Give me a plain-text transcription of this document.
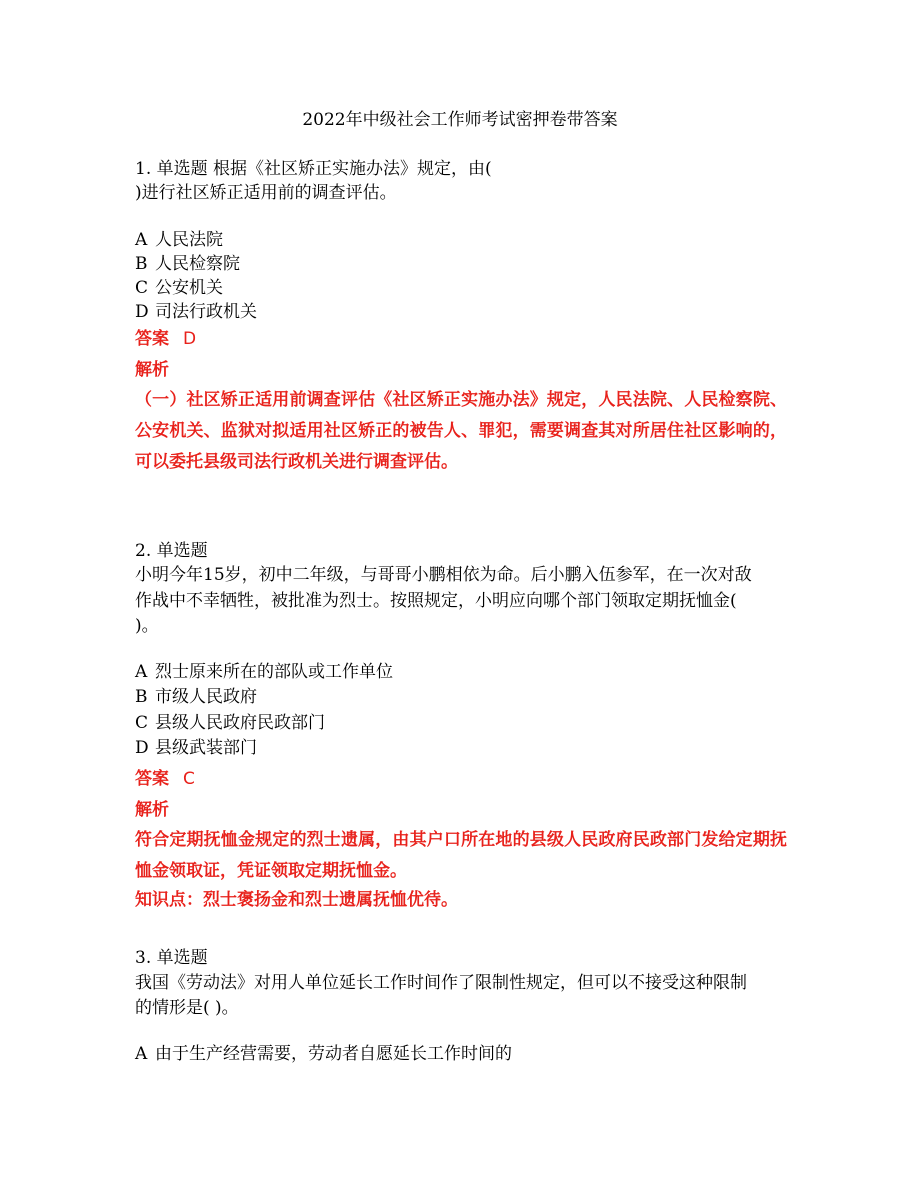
2022年中级社会工作师考试密押卷带答案
1. 单选题 根据《社区矫正实施办法》规定，由(
)进行社区矫正适用前的调查评估。
A 人民法院
B 人民检察院
C 公安机关
D 司法行政机关
答案 D
解析
（一）社区矫正适用前调查评估《社区矫正实施办法》规定，人民法院、人民检察院、公安机关、监狱对拟适用社区矫正的被告人、罪犯，需要调查其对所居住社区影响的，可以委托县级司法行政机关进行调查评估。
2. 单选题
小明今年15岁，初中二年级，与哥哥小鹏相依为命。后小鹏入伍参军，在一次对敌
作战中不幸牺牲，被批准为烈士。按照规定，小明应向哪个部门领取定期抚恤金(
)。
A 烈士原来所在的部队或工作单位
B 市级人民政府
C 县级人民政府民政部门
D 县级武装部门
答案 C
解析
符合定期抚恤金规定的烈士遗属，由其户口所在地的县级人民政府民政部门发给定期抚恤金领取证，凭证领取定期抚恤金。
知识点：烈士褒扬金和烈士遗属抚恤优待。
3. 单选题
我国《劳动法》对用人单位延长工作时间作了限制性规定，但可以不接受这种限制
的情形是( )。
A 由于生产经营需要，劳动者自愿延长工作时间的
